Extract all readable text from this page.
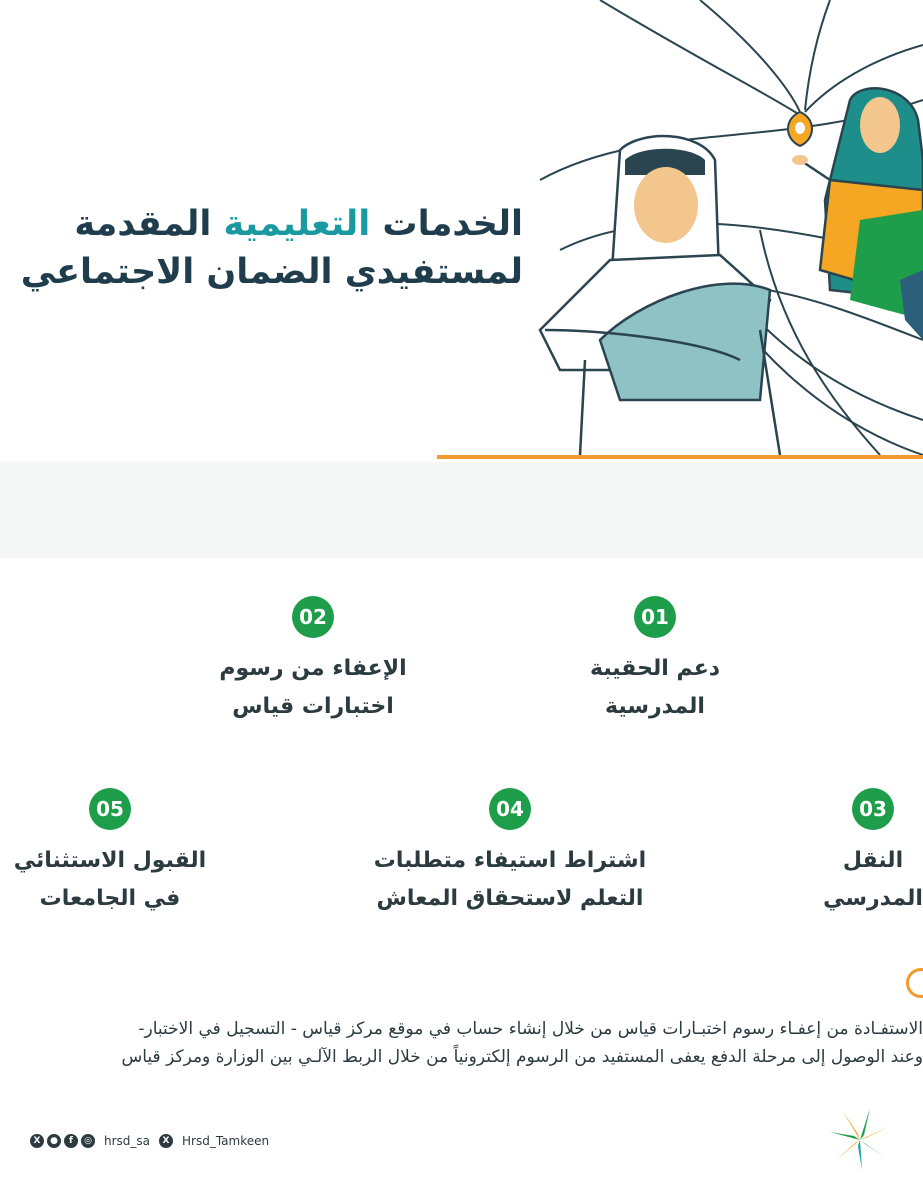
الخدمات التعليمية المقدمة
لمستفيدي الضمان الاجتماعي
01
دعم الحقيبة
المدرسية
02
الإعفاء من رسوم
اختبارات قياس
03
النقل
المدرسي
04
اشتراط استيفاء متطلبات
التعلم لاستحقاق المعاش
05
القبول الاستثنائي
في الجامعات
الاستفـادة من إعفـاء رسوم اختبـارات قياس من خلال إنشاء حساب في موقع مركز قياس - التسجيل في الاختبار-
وعند الوصول إلى مرحلة الدفع يعفى المستفيد من الرسوم إلكترونياً من خلال الربط الآلـي بين الوزارة ومركز قياس
X	●	f	◎ hrsd_sa	X Hrsd_Tamkeen
